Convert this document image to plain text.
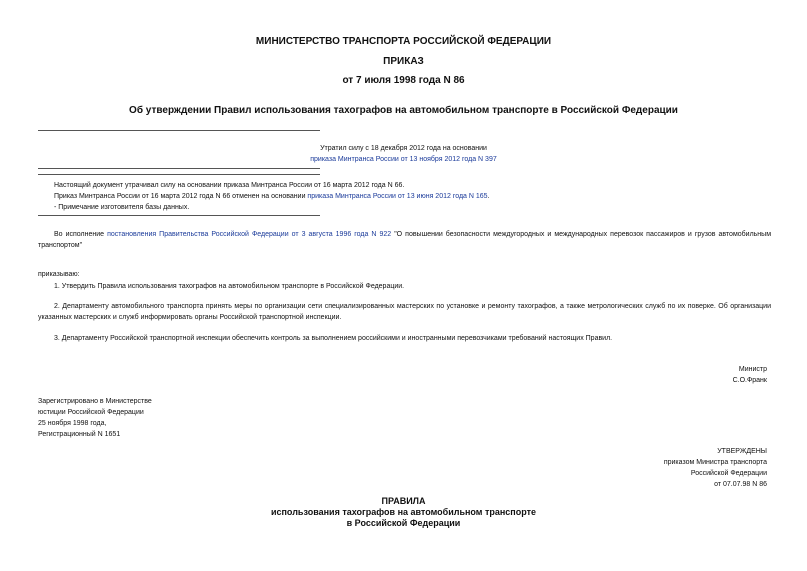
МИНИСТЕРСТВО ТРАНСПОРТА РОССИЙСКОЙ ФЕДЕРАЦИИ
ПРИКАЗ
от 7 июля 1998 года N 86
Об утверждении Правил использования тахографов на автомобильном транспорте в Российской Федерации
Утратил силу с 18 декабря 2012 года на основании
приказа Минтранса России от 13 ноября 2012 года N 397
Настоящий документ утрачивал силу на основании приказа Минтранса России от 16 марта 2012 года N 66.
Приказ Минтранса России от 16 марта 2012 года N 66 отменен на основании приказа Минтранса России от 13 июня 2012 года N 165.
- Примечание изготовителя базы данных.
Во исполнение постановления Правительства Российской Федерации от 3 августа 1996 года N 922 "О повышении безопасности междугородных и международных перевозок пассажиров и грузов автомобильным транспортом"
приказываю:
1. Утвердить Правила использования тахографов на автомобильном транспорте в Российской Федерации.
2. Департаменту автомобильного транспорта принять меры по организации сети специализированных мастерских по установке и ремонту тахографов, а также метрологических служб по их поверке. Об организации указанных мастерских и служб информировать органы Российской транспортной инспекции.
3. Департаменту Российской транспортной инспекции обеспечить контроль за выполнением российскими и иностранными перевозчиками требований настоящих Правил.
Министр
С.О.Франк
Зарегистрировано в Министерстве
юстиции Российской Федерации
25 ноября 1998 года,
Регистрационный N 1651
УТВЕРЖДЕНЫ
приказом Министра транспорта
Российской Федерации
от 07.07.98 N 86
ПРАВИЛА
использования тахографов на автомобильном транспорте
в Российской Федерации
